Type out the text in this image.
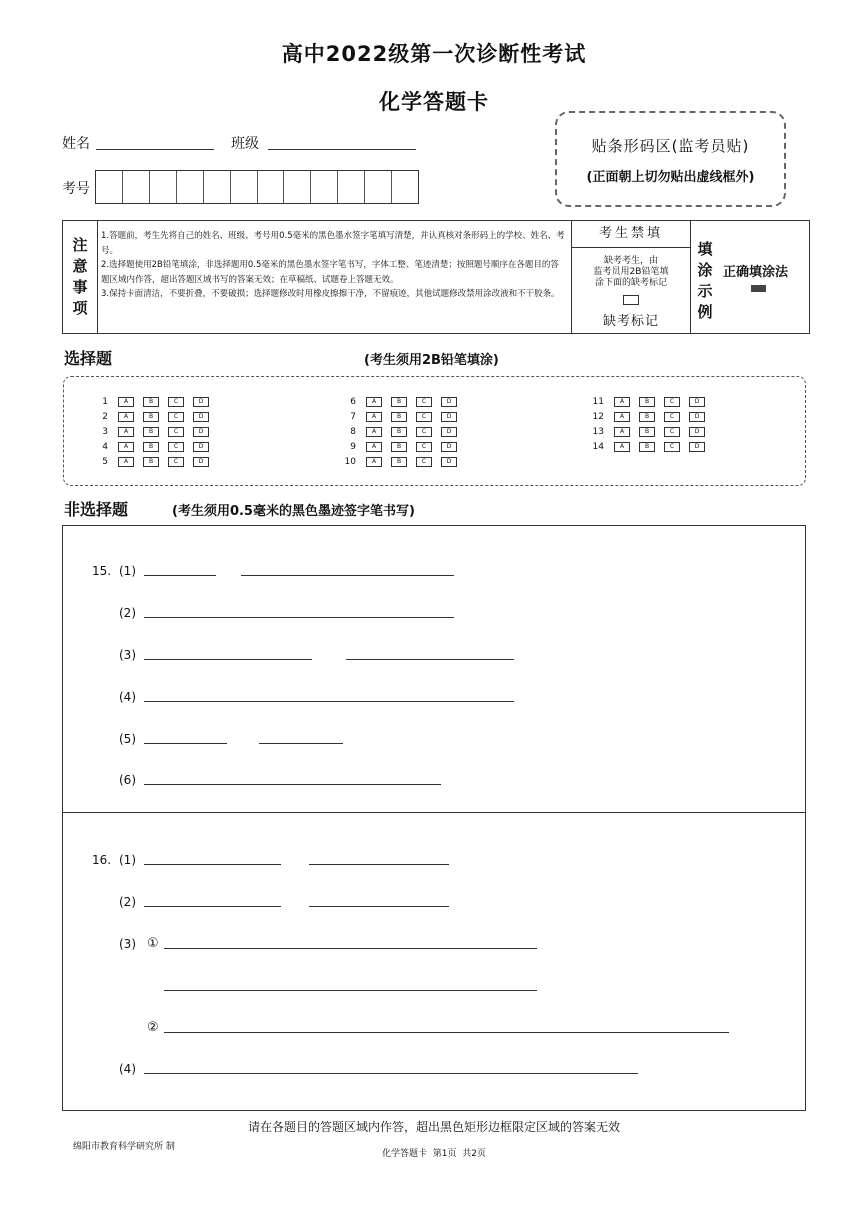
高中2022级第一次诊断性考试
化学答题卡
姓名	班级
考号
贴条形码区(监考员贴)
(正面朝上切勿贴出虚线框外)
注
意
事
项
1.答题前，考生先将自己的姓名、班级、考号用0.5毫米的黑色墨水签字笔填写清楚，并认真核对条形码上的学校、姓名、考号。
2.选择题使用2B铅笔填涂，非选择题用0.5毫米的黑色墨水签字笔书写，字体工整、笔迹清楚；按照题号顺序在各题目的答题区域内作答，超出答题区域书写的答案无效；在草稿纸、试题卷上答题无效。
3.保持卡面清洁，不要折叠，不要破损；选择题修改时用橡皮擦擦干净，不留痕迹，其他试题修改禁用涂改液和不干胶条。
考生禁填
缺考考生，由
监考员用2B铅笔填
涂下面的缺考标记
缺考标记
填
涂
示
例
正确填涂法
选择题	(考生须用2B铅笔填涂)
1	A	B	C	D
2	A	B	C	D
3	A	B	C	D
4	A	B	C	D
5	A	B	C	D
6	A	B	C	D
7	A	B	C	D
8	A	B	C	D
9	A	B	C	D
10	A	B	C	D
11	A	B	C	D
12	A	B	C	D
13	A	B	C	D
14	A	B	C	D
非选择题	(考生须用0.5毫米的黑色墨迹签字笔书写)
15. (1)
(2)
(3)
(4)
(5)
(6)
16. (1)
(2)
(3) ①
②
(4)
请在各题目的答题区域内作答，超出黑色矩形边框限定区域的答案无效
绵阳市教育科学研究所 制
化学答题卡  第1页  共2页
